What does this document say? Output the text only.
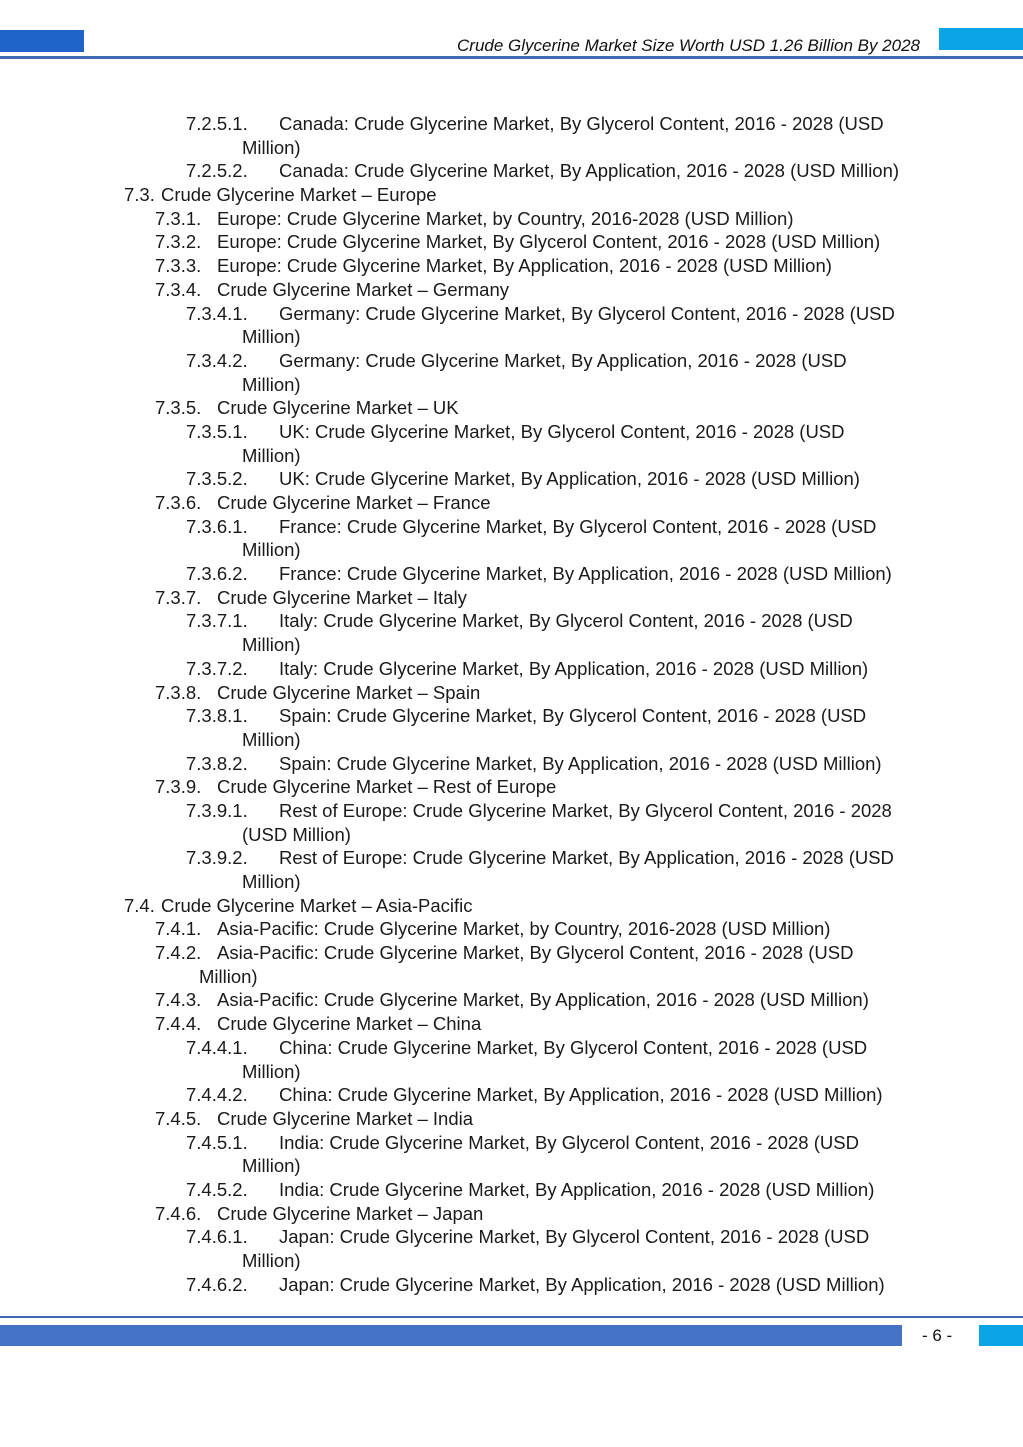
Crude Glycerine Market Size Worth USD 1.26 Billion By 2028
7.2.5.1. Canada: Crude Glycerine Market, By Glycerol Content, 2016 - 2028 (USD
Million)
7.2.5.2. Canada: Crude Glycerine Market, By Application, 2016 - 2028 (USD Million)
7.3. Crude Glycerine Market – Europe
7.3.1. Europe: Crude Glycerine Market, by Country, 2016-2028 (USD Million)
7.3.2. Europe: Crude Glycerine Market, By Glycerol Content, 2016 - 2028 (USD Million)
7.3.3. Europe: Crude Glycerine Market, By Application, 2016 - 2028 (USD Million)
7.3.4. Crude Glycerine Market – Germany
7.3.4.1. Germany: Crude Glycerine Market, By Glycerol Content, 2016 - 2028 (USD
Million)
7.3.4.2. Germany: Crude Glycerine Market, By Application, 2016 - 2028 (USD
Million)
7.3.5. Crude Glycerine Market – UK
7.3.5.1. UK: Crude Glycerine Market, By Glycerol Content, 2016 - 2028 (USD
Million)
7.3.5.2. UK: Crude Glycerine Market, By Application, 2016 - 2028 (USD Million)
7.3.6. Crude Glycerine Market – France
7.3.6.1. France: Crude Glycerine Market, By Glycerol Content, 2016 - 2028 (USD
Million)
7.3.6.2. France: Crude Glycerine Market, By Application, 2016 - 2028 (USD Million)
7.3.7. Crude Glycerine Market – Italy
7.3.7.1. Italy: Crude Glycerine Market, By Glycerol Content, 2016 - 2028 (USD
Million)
7.3.7.2. Italy: Crude Glycerine Market, By Application, 2016 - 2028 (USD Million)
7.3.8. Crude Glycerine Market – Spain
7.3.8.1. Spain: Crude Glycerine Market, By Glycerol Content, 2016 - 2028 (USD
Million)
7.3.8.2. Spain: Crude Glycerine Market, By Application, 2016 - 2028 (USD Million)
7.3.9. Crude Glycerine Market – Rest of Europe
7.3.9.1. Rest of Europe: Crude Glycerine Market, By Glycerol Content, 2016 - 2028
(USD Million)
7.3.9.2. Rest of Europe: Crude Glycerine Market, By Application, 2016 - 2028 (USD
Million)
7.4. Crude Glycerine Market – Asia-Pacific
7.4.1. Asia-Pacific: Crude Glycerine Market, by Country, 2016-2028 (USD Million)
7.4.2. Asia-Pacific: Crude Glycerine Market, By Glycerol Content, 2016 - 2028 (USD
Million)
7.4.3. Asia-Pacific: Crude Glycerine Market, By Application, 2016 - 2028 (USD Million)
7.4.4. Crude Glycerine Market – China
7.4.4.1. China: Crude Glycerine Market, By Glycerol Content, 2016 - 2028 (USD
Million)
7.4.4.2. China: Crude Glycerine Market, By Application, 2016 - 2028 (USD Million)
7.4.5. Crude Glycerine Market – India
7.4.5.1. India: Crude Glycerine Market, By Glycerol Content, 2016 - 2028 (USD
Million)
7.4.5.2. India: Crude Glycerine Market, By Application, 2016 - 2028 (USD Million)
7.4.6. Crude Glycerine Market – Japan
7.4.6.1. Japan: Crude Glycerine Market, By Glycerol Content, 2016 - 2028 (USD
Million)
7.4.6.2. Japan: Crude Glycerine Market, By Application, 2016 - 2028 (USD Million)
- 6 -
